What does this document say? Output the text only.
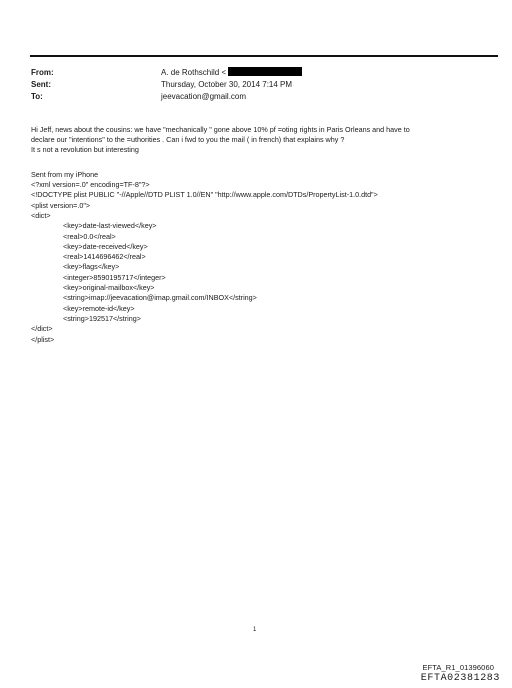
From:	A. de Rothschild <
Sent:	Thursday, October 30, 2014 7:14 PM
To:	jeevacation@gmail.com
Hi Jeff, news about the cousins: we have "mechanically " gone above 10% pf =oting rights in Paris Orleans and have to
declare our "intentions" to the =uthorities . Can i fwd to you the mail ( in french) that explains why ?
It s not a revolution but interesting
Sent from my iPhone
<?xml version=.0" encoding=TF-8"?>
<!DOCTYPE plist PUBLIC "-//Apple//DTD PLIST 1.0//EN" "http://www.apple.com/DTDs/PropertyList-1.0.dtd">
<plist version=.0">
<dict>
<key>date-last-viewed</key>
<real>0.0</real>
<key>date-received</key>
<real>1414696462</real>
<key>flags</key>
<integer>8590195717</integer>
<key>original-mailbox</key>
<string>imap://jeevacation@imap.gmail.com/INBOX</string>
<key>remote-id</key>
<string>192517</string>
</dict>
</plist>
1
EFTA_R1_01396060
EFTA02381283
